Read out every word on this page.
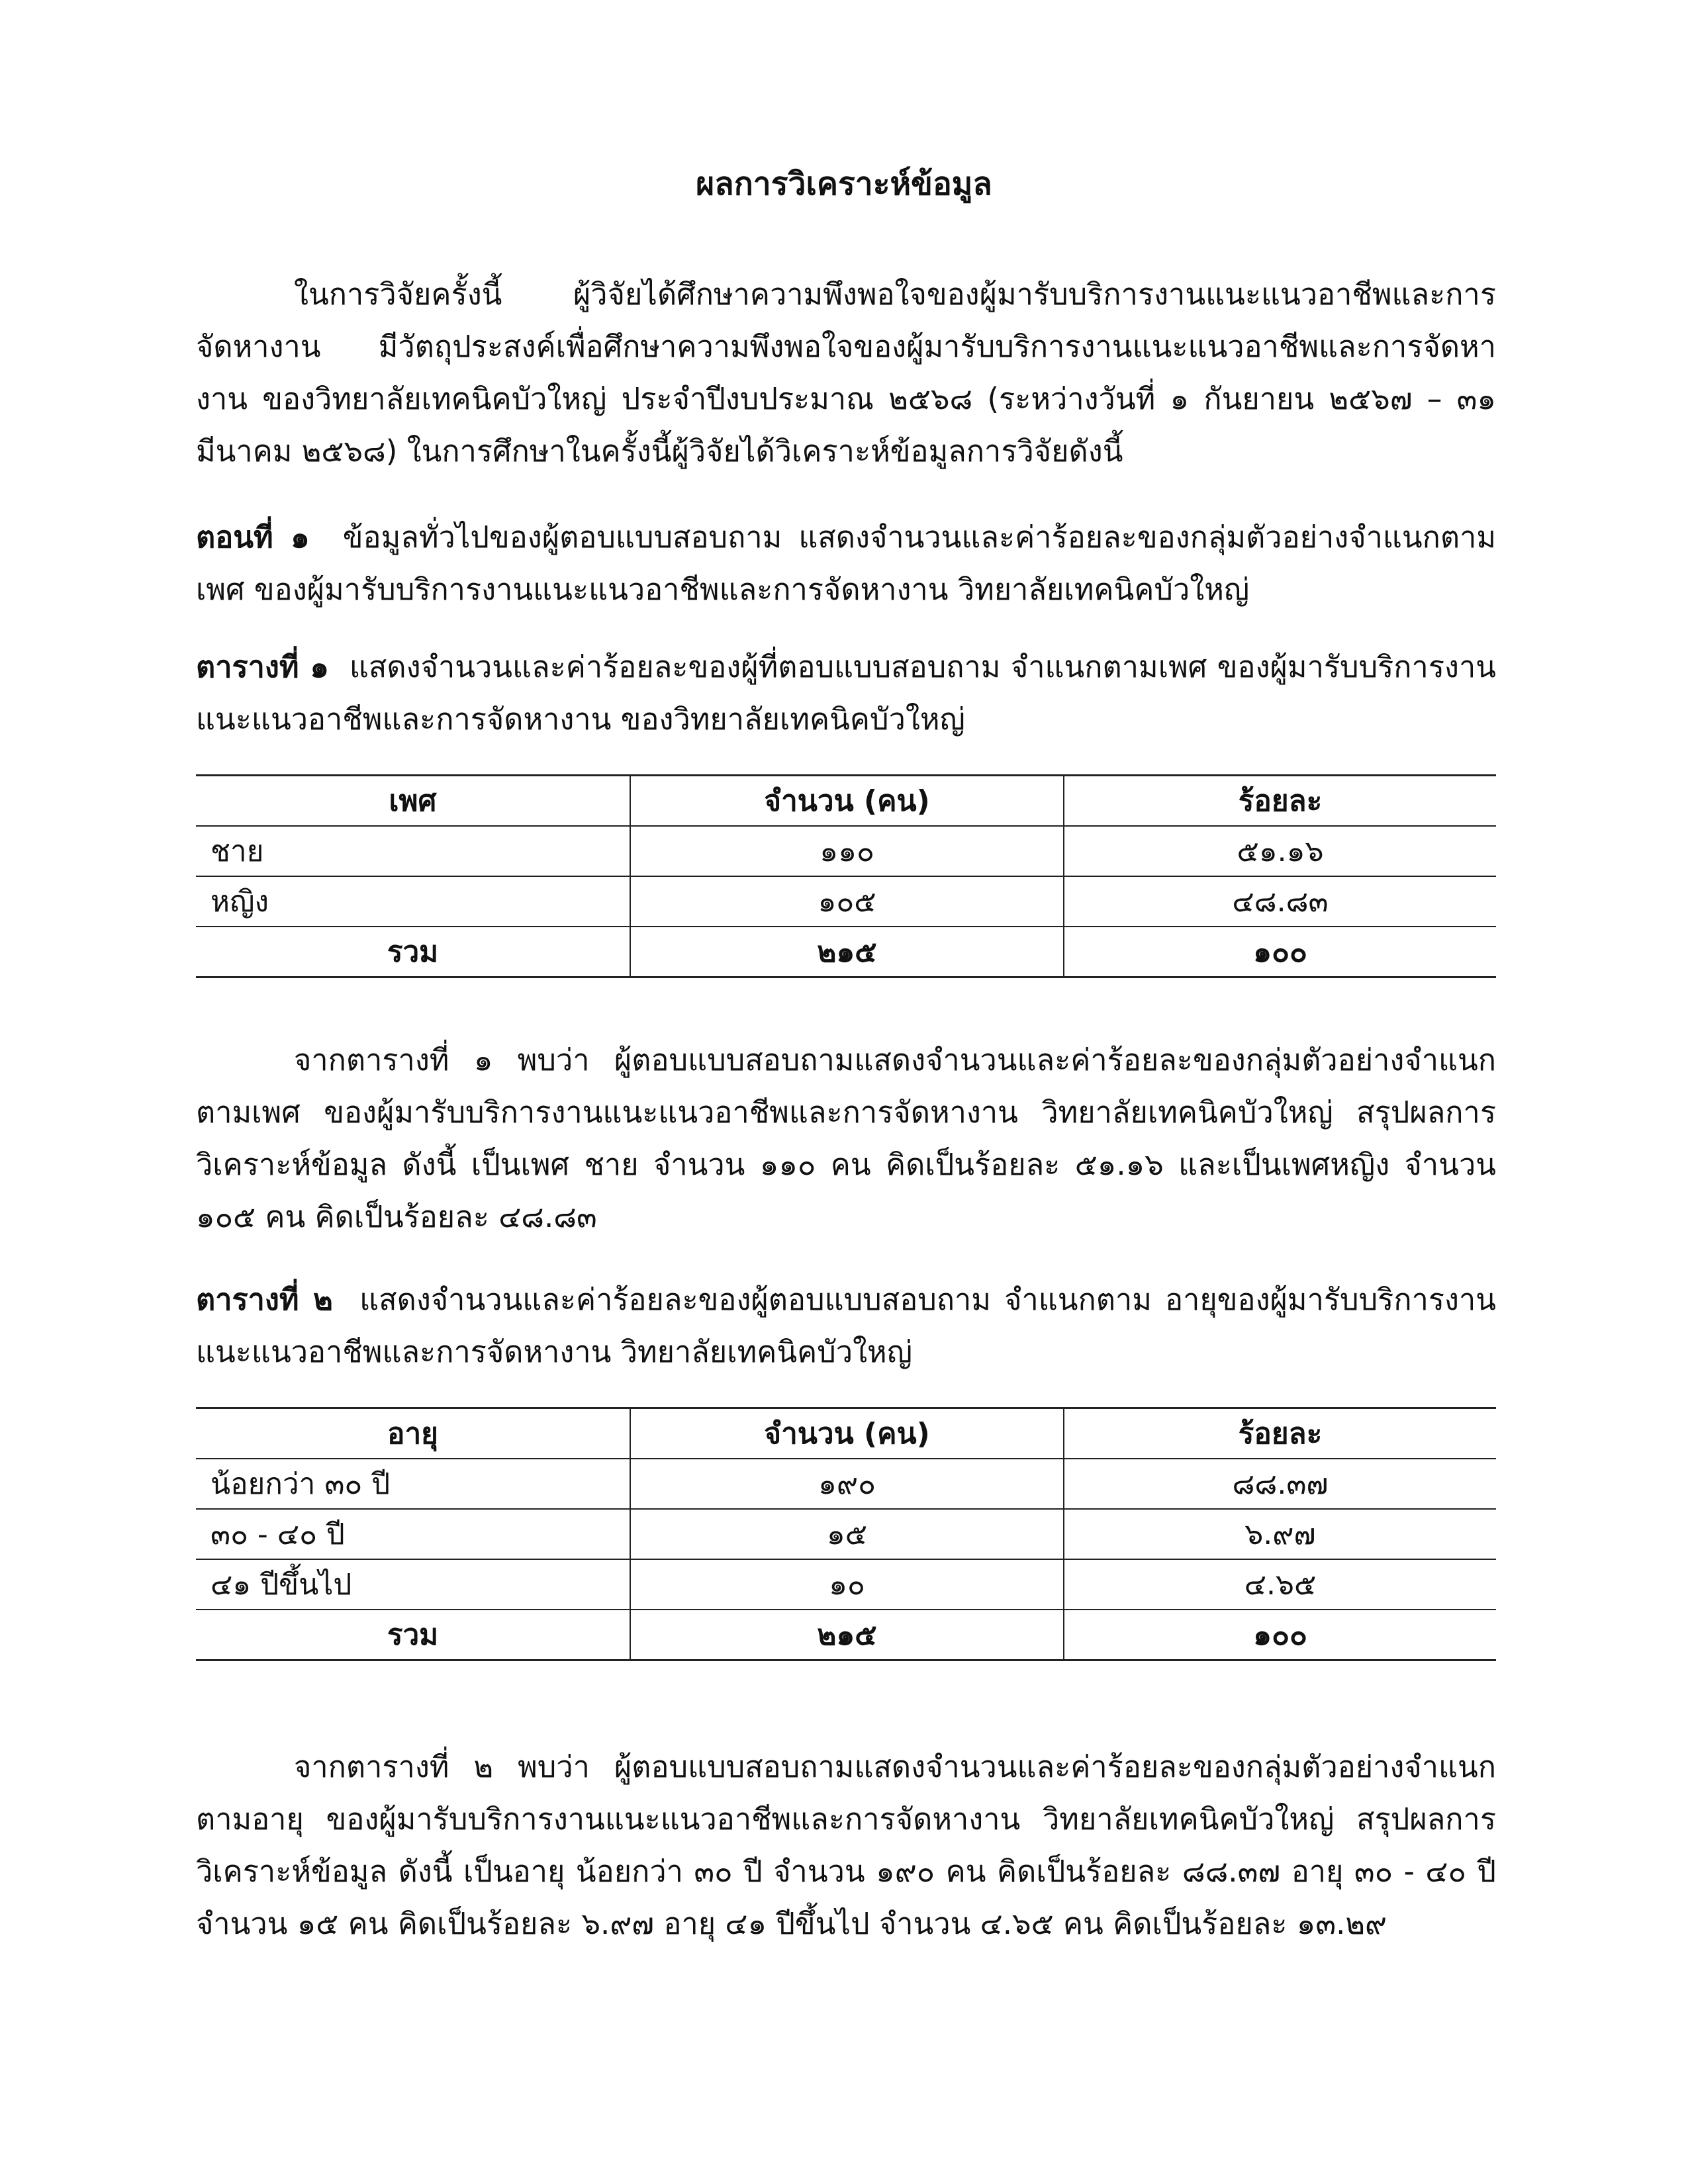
ผลการวิเคราะห์ข้อมูล
ในการวิจัยครั้งนี้ ผู้วิจัยได้ศึกษาความพึงพอใจของผู้มารับบริการงานแนะแนวอาชีพและการจัดหางาน มีวัตถุประสงค์เพื่อศึกษาความพึงพอใจของผู้มารับบริการงานแนะแนวอาชีพและการจัดหางาน ของวิทยาลัยเทคนิคบัวใหญ่ ประจำปีงบประมาณ ๒๕๖๘ (ระหว่างวันที่ ๑ กันยายน ๒๕๖๗ – ๓๑ มีนาคม ๒๕๖๘) ในการศึกษาในครั้งนี้ผู้วิจัยได้วิเคราะห์ข้อมูลการวิจัยดังนี้
ตอนที่ ๑ ข้อมูลทั่วไปของผู้ตอบแบบสอบถาม แสดงจำนวนและค่าร้อยละของกลุ่มตัวอย่างจำแนกตามเพศ ของผู้มารับบริการงานแนะแนวอาชีพและการจัดหางาน วิทยาลัยเทคนิคบัวใหญ่
ตารางที่ ๑ แสดงจำนวนและค่าร้อยละของผู้ที่ตอบแบบสอบถาม จำแนกตามเพศ ของผู้มารับบริการงานแนะแนวอาชีพและการจัดหางาน ของวิทยาลัยเทคนิคบัวใหญ่
เพศ	จำนวน (คน)	ร้อยละ
ชาย	๑๑๐	๕๑.๑๖
หญิง	๑๐๕	๔๘.๘๓
รวม	๒๑๕	๑๐๐
จากตารางที่ ๑ พบว่า ผู้ตอบแบบสอบถามแสดงจำนวนและค่าร้อยละของกลุ่มตัวอย่างจำแนกตามเพศ ของผู้มารับบริการงานแนะแนวอาชีพและการจัดหางาน วิทยาลัยเทคนิคบัวใหญ่ สรุปผลการวิเคราะห์ข้อมูล ดังนี้ เป็นเพศ ชาย จำนวน ๑๑๐ คน คิดเป็นร้อยละ ๕๑.๑๖ และเป็นเพศหญิง จำนวน ๑๐๕ คน คิดเป็นร้อยละ ๔๘.๘๓
ตารางที่ ๒ แสดงจำนวนและค่าร้อยละของผู้ตอบแบบสอบถาม จำแนกตาม อายุของผู้มารับบริการงานแนะแนวอาชีพและการจัดหางาน วิทยาลัยเทคนิคบัวใหญ่
อายุ	จำนวน (คน)	ร้อยละ
น้อยกว่า ๓๐ ปี	๑๙๐	๘๘.๓๗
๓๐ - ๔๐ ปี	๑๕	๖.๙๗
๔๑ ปีขึ้นไป	๑๐	๔.๖๕
รวม	๒๑๕	๑๐๐
จากตารางที่ ๒ พบว่า ผู้ตอบแบบสอบถามแสดงจำนวนและค่าร้อยละของกลุ่มตัวอย่างจำแนกตามอายุ ของผู้มารับบริการงานแนะแนวอาชีพและการจัดหางาน วิทยาลัยเทคนิคบัวใหญ่ สรุปผลการวิเคราะห์ข้อมูล ดังนี้ เป็นอายุ น้อยกว่า ๓๐ ปี จำนวน ๑๙๐ คน คิดเป็นร้อยละ ๘๘.๓๗ อายุ ๓๐ - ๔๐ ปี จำนวน ๑๕ คน คิดเป็นร้อยละ ๖.๙๗ อายุ ๔๑ ปีขึ้นไป จำนวน ๔.๖๕ คน คิดเป็นร้อยละ ๑๓.๒๙
